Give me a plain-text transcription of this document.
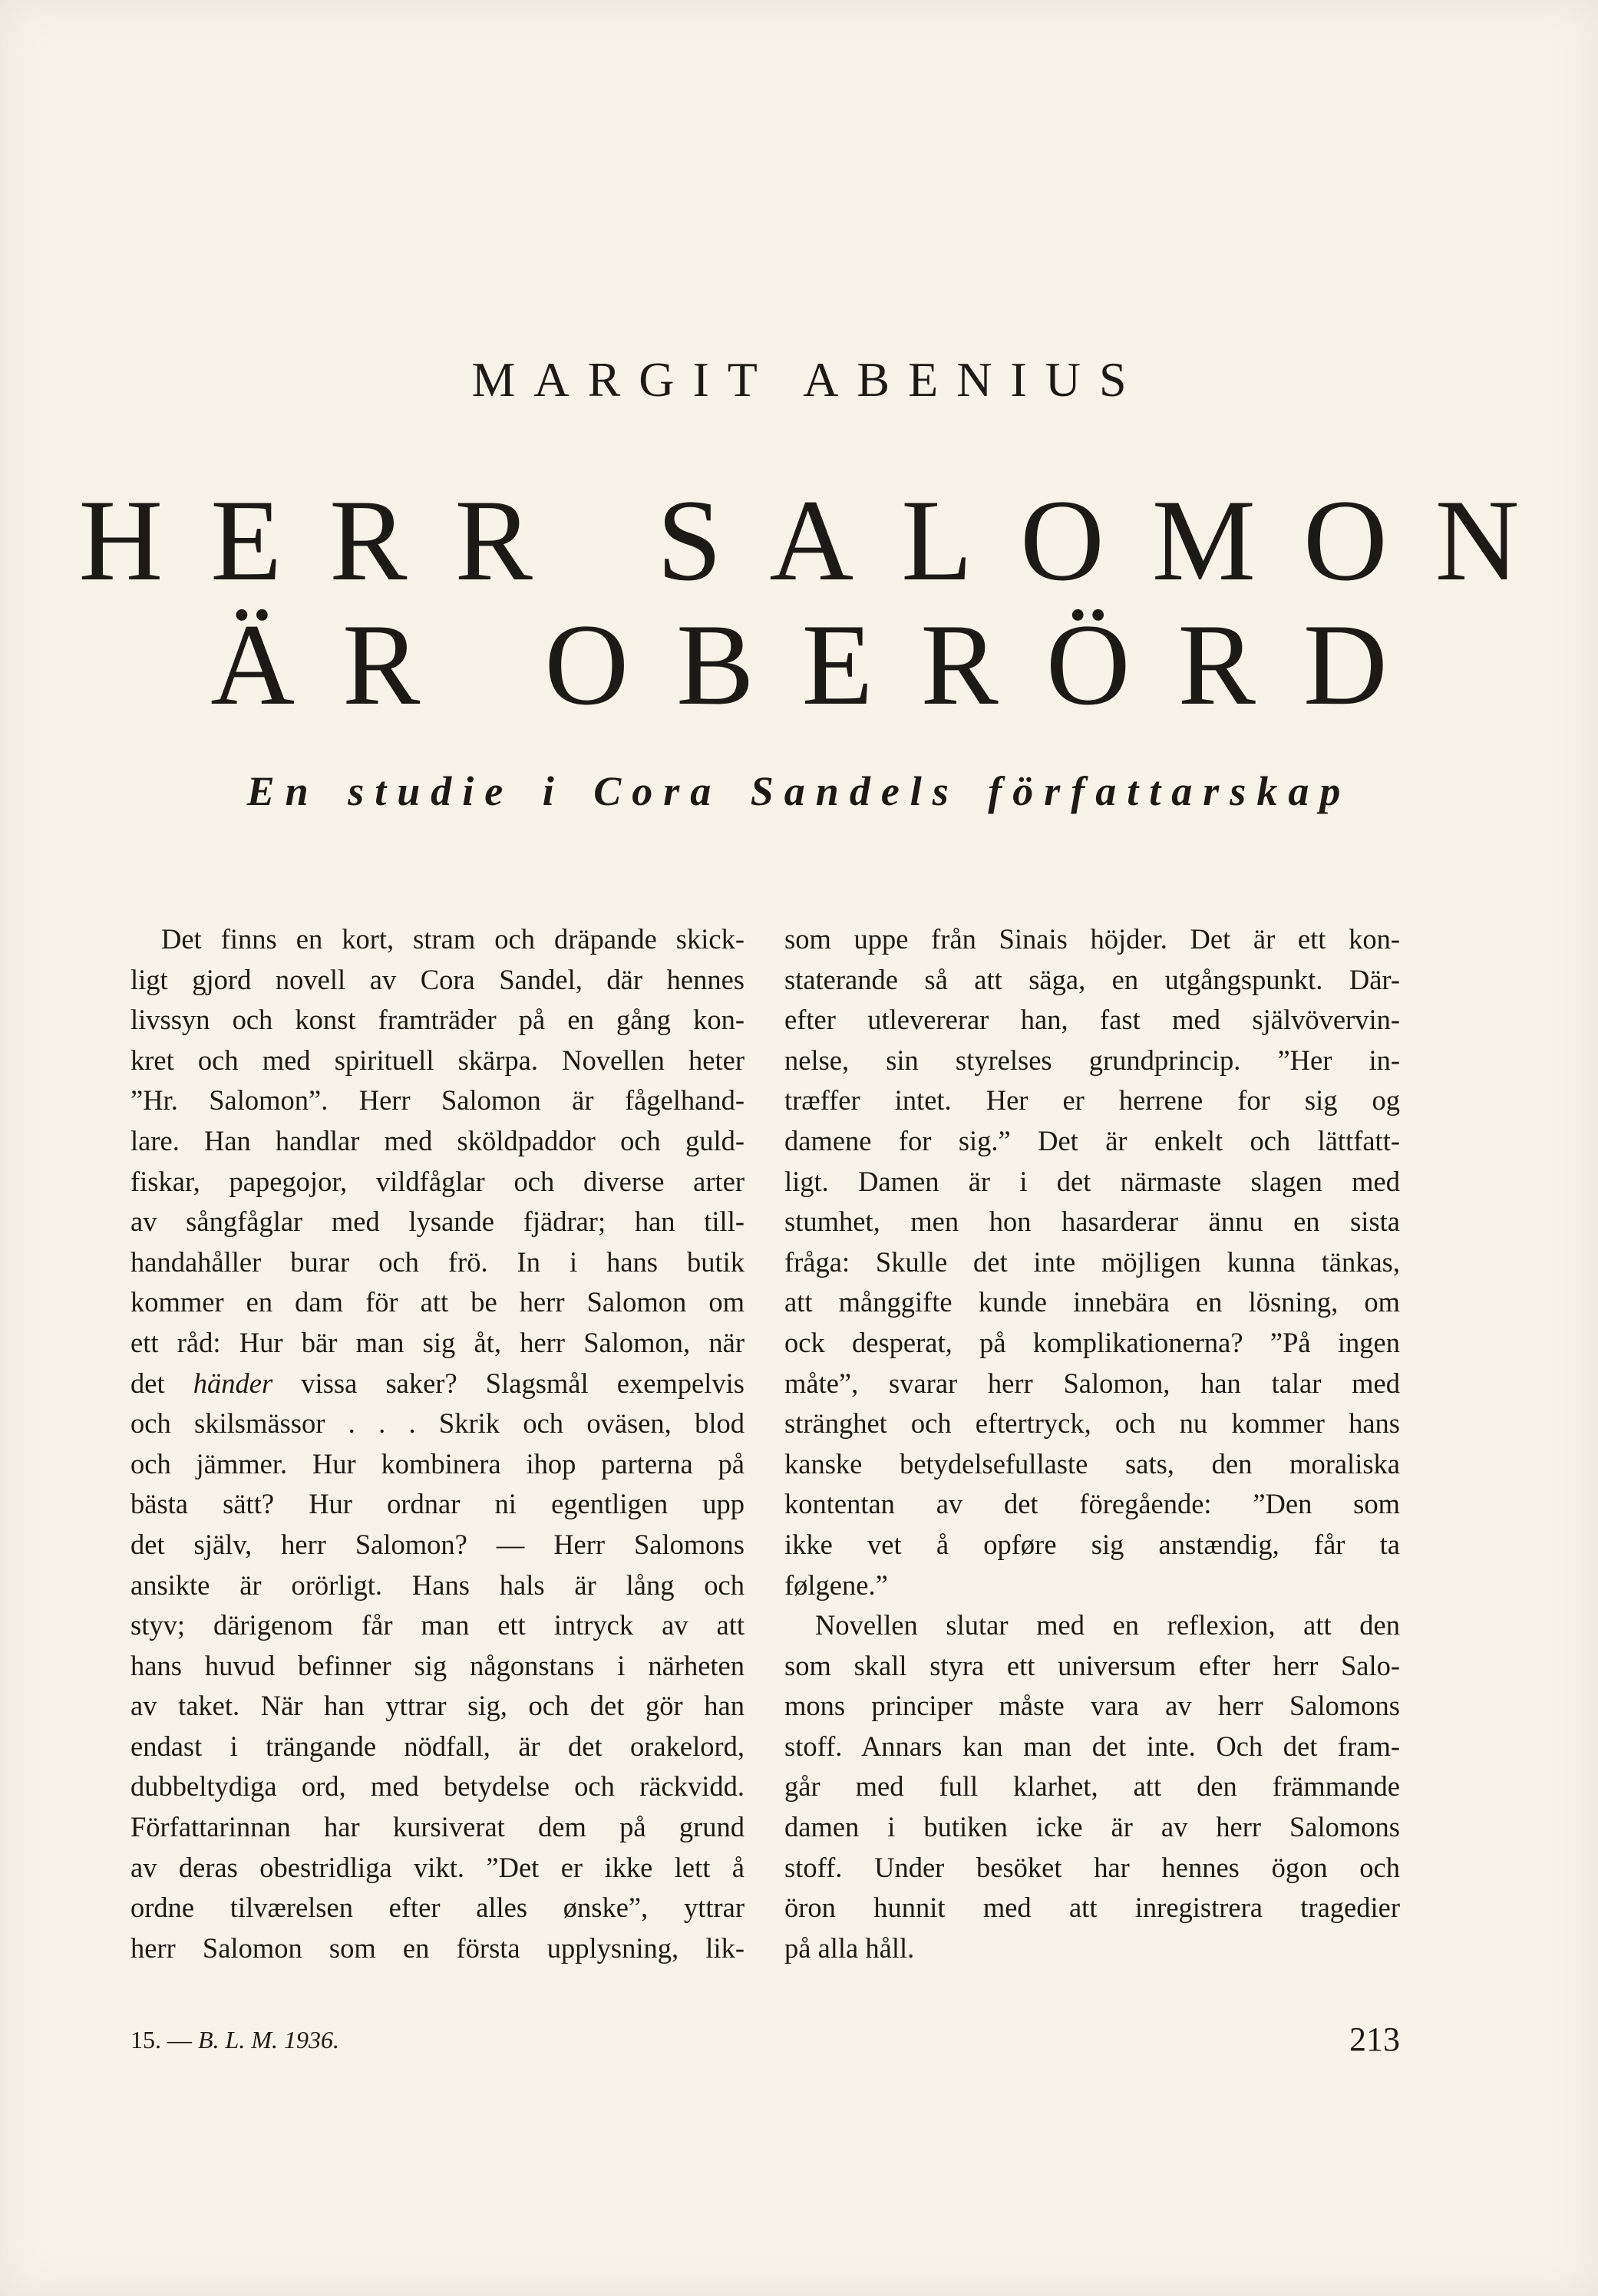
MARGIT ABENIUS
HERR SALOMON
ÄR OBERÖRD
En studie i Cora Sandels författarskap
Det finns en kort, stram och dräpande skick-
ligt gjord novell av Cora Sandel, där hennes
livssyn och konst framträder på en gång kon-
kret och med spirituell skärpa. Novellen heter
”Hr. Salomon”. Herr Salomon är fågelhand-
lare. Han handlar med sköldpaddor och guld-
fiskar, papegojor, vildfåglar och diverse arter
av sångfåglar med lysande fjädrar; han till-
handahåller burar och frö. In i hans butik
kommer en dam för att be herr Salomon om
ett råd: Hur bär man sig åt, herr Salomon, när
det händer vissa saker? Slagsmål exempelvis
och skilsmässor . . . Skrik och oväsen, blod
och jämmer. Hur kombinera ihop parterna på
bästa sätt? Hur ordnar ni egentligen upp
det själv, herr Salomon? — Herr Salomons
ansikte är orörligt. Hans hals är lång och
styv; därigenom får man ett intryck av att
hans huvud befinner sig någonstans i närheten
av taket. När han yttrar sig, och det gör han
endast i trängande nödfall, är det orakelord,
dubbeltydiga ord, med betydelse och räckvidd.
Författarinnan har kursiverat dem på grund
av deras obestridliga vikt. ”Det er ikke lett å
ordne tilværelsen efter alles ønske”, yttrar
herr Salomon som en första upplysning, lik-
som uppe från Sinais höjder. Det är ett kon-
staterande så att säga, en utgångspunkt. Där-
efter utlevererar han, fast med självövervin-
nelse, sin styrelses grundprincip. ”Her in-
træffer intet. Her er herrene for sig og
damene for sig.” Det är enkelt och lättfatt-
ligt. Damen är i det närmaste slagen med
stumhet, men hon hasarderar ännu en sista
fråga: Skulle det inte möjligen kunna tänkas,
att månggifte kunde innebära en lösning, om
ock desperat, på komplikationerna? ”På ingen
måte”, svarar herr Salomon, han talar med
stränghet och eftertryck, och nu kommer hans
kanske betydelsefullaste sats, den moraliska
kontentan av det föregående: ”Den som
ikke vet å opføre sig anstændig, får ta
følgene.”
Novellen slutar med en reflexion, att den
som skall styra ett universum efter herr Salo-
mons principer måste vara av herr Salomons
stoff. Annars kan man det inte. Och det fram-
går med full klarhet, att den främmande
damen i butiken icke är av herr Salomons
stoff. Under besöket har hennes ögon och
öron hunnit med att inregistrera tragedier
på alla håll.
15. — B. L. M. 1936.	213
